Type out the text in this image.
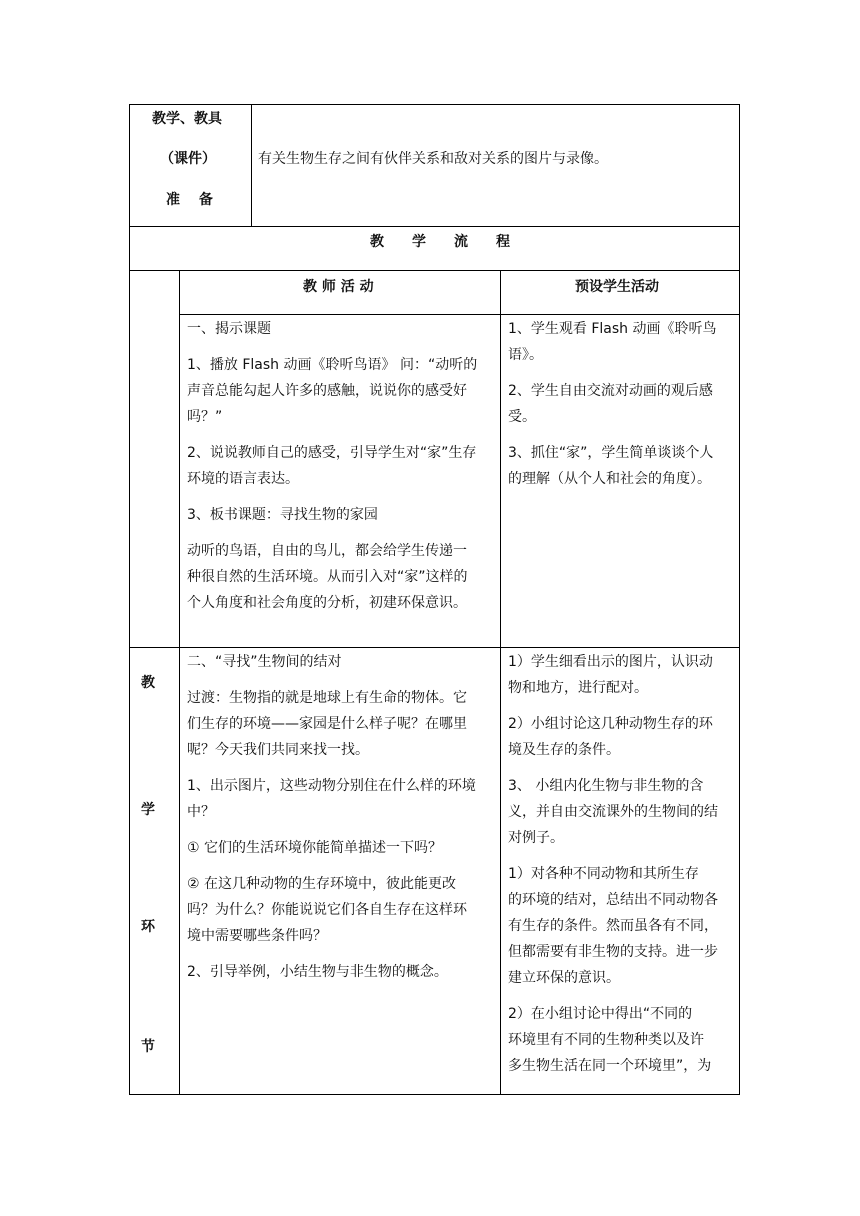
教学、教具
（课件）
准　 备
有关生物生存之间有伙伴关系和敌对关系的图片与录像。
教　　学　　流　　程
教 师 活 动	预设学生活动
教
学
环
节

一、揭示课题

1、播放 Flash 动画《聆听鸟语》 问：“动听的

声音总能勾起人许多的感触，说说你的感受好

吗？”

2、说说教师自己的感受，引导学生对“家”生存

环境的语言表达。

3、板书课题：寻找生物的家园

动听的鸟语，自由的鸟儿，都会给学生传递一

种很自然的生活环境。从而引入对“家”这样的

个人角度和社会角度的分析，初建环保意识。

1、学生观看 Flash 动画《聆听鸟

语》。

2、学生自由交流对动画的观后感

受。

3、抓住“家”，学生简单谈谈个人

的理解（从个人和社会的角度）。

二、“寻找”生物间的结对

过渡：生物指的就是地球上有生命的物体。它

们生存的环境——家园是什么样子呢？在哪里

呢？今天我们共同来找一找。

1、出示图片，这些动物分别住在什么样的环境

中？

① 它们的生活环境你能简单描述一下吗？

② 在这几种动物的生存环境中，彼此能更改

吗？为什么？你能说说它们各自生存在这样环

境中需要哪些条件吗？

2、引导举例，小结生物与非生物的概念。

1）学生细看出示的图片，认识动

物和地方，进行配对。

2）小组讨论这几种动物生存的环

境及生存的条件。

3、 小组内化生物与非生物的含

义，并自由交流课外的生物间的结

对例子。

1）对各种不同动物和其所生存

的环境的结对，总结出不同动物各

有生存的条件。然而虽各有不同，

但都需要有非生物的支持。进一步

建立环保的意识。

2）在小组讨论中得出“不同的

环境里有不同的生物种类以及许

多生物生活在同一个环境里”，为
